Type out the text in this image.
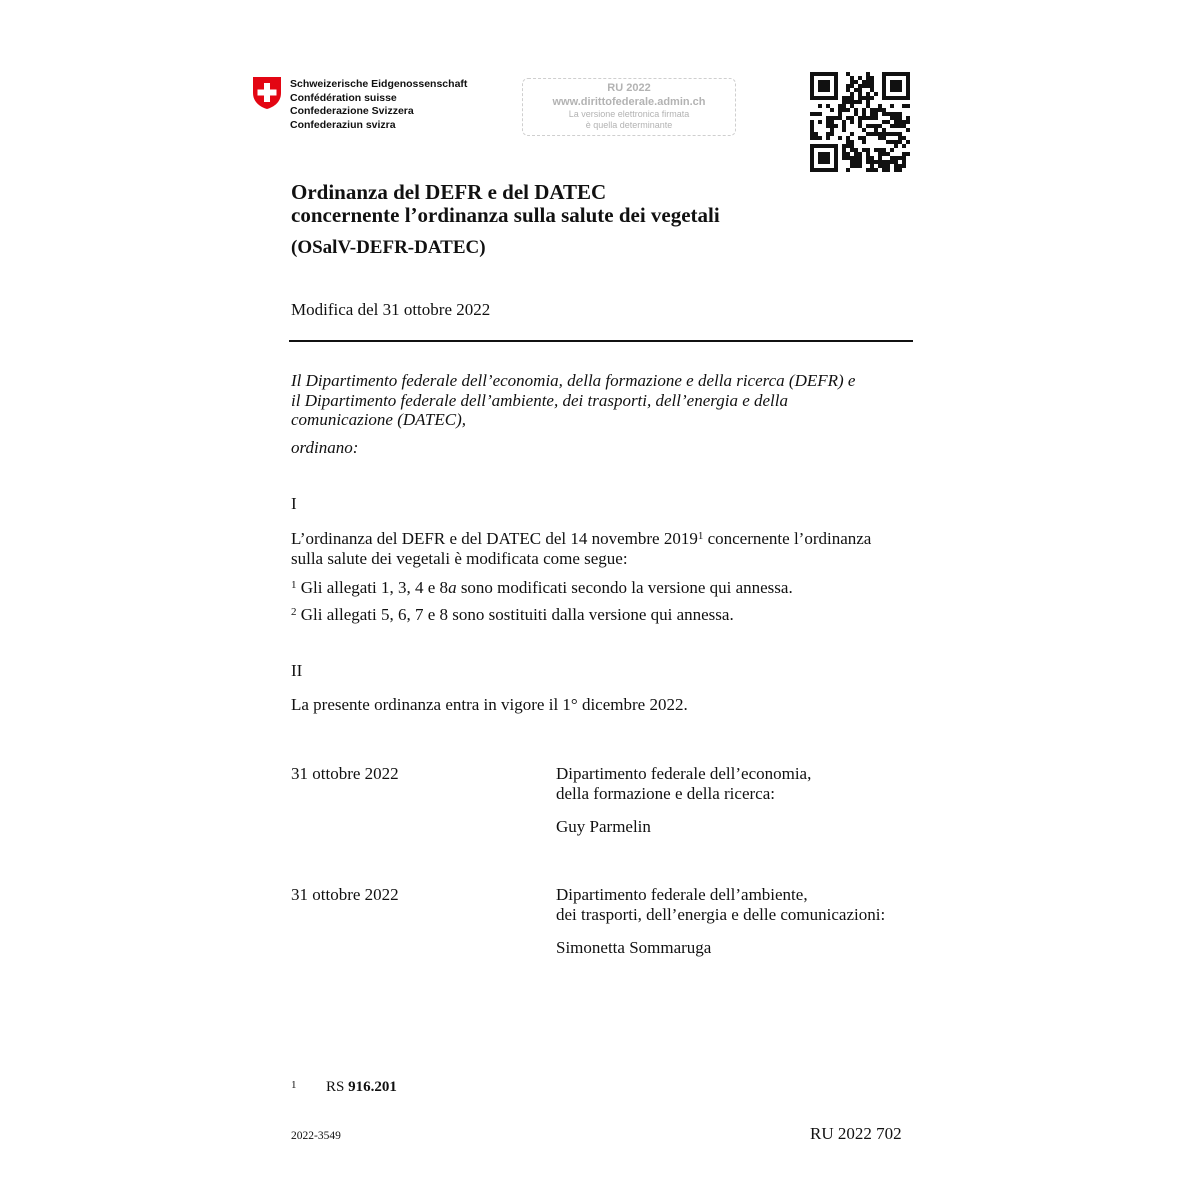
Schweizerische Eidgenossenschaft
Confédération suisse
Confederazione Svizzera
Confederaziun svizra
RU 2022
www.dirittofederale.admin.ch
La versione elettronica firmata
è quella determinante
Ordinanza del DEFR e del DATEC
concernente l’ordinanza sulla salute dei vegetali
(OSalV-DEFR-DATEC)
Modifica del 31 ottobre 2022
Il Dipartimento federale dell’economia, della formazione e della ricerca (DEFR) e
il Dipartimento federale dell’ambiente, dei trasporti, dell’energia e della
comunicazione (DATEC),
ordinano:
I
L’ordinanza del DEFR e del DATEC del 14 novembre 2019$^1$ concernente l’ordinanza
sulla salute dei vegetali è modificata come segue:
$^1$ Gli allegati 1, 3, 4 e 8a sono modificati secondo la versione qui annessa.
$^2$ Gli allegati 5, 6, 7 e 8 sono sostituiti dalla versione qui annessa.
II
La presente ordinanza entra in vigore il 1° dicembre 2022.
31 ottobre 2022	Dipartimento federale dell’economia,
della formazione e della ricerca:
Guy Parmelin
31 ottobre 2022	Dipartimento federale dell’ambiente,
dei trasporti, dell’energia e delle comunicazioni:
Simonetta Sommaruga
1 RS 916.201
2022-3549	RU 2022 702
